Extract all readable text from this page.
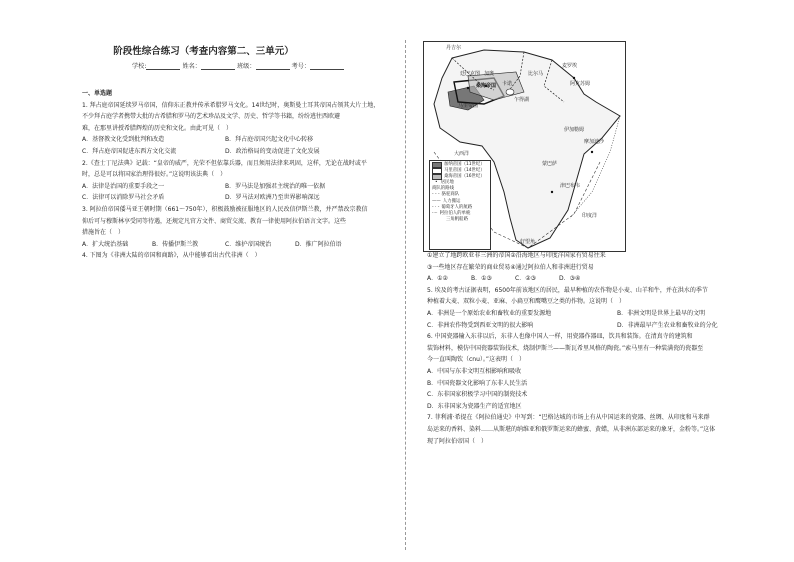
阶段性综合练习（考查内容第二、三单元）
学校:	姓名：	班级：	考号：

一、单选题

1. 拜占庭帝国延续罗马帝国，信仰东正教并传承希腊罗马文化。14世纪时，奥斯曼土耳其帝国占领其大片土地，

不少拜占庭学者携带大批的古希腊和罗马的艺术珍品及文学、历史、哲学等书籍，纷纷逃往西欧避

难，在那里讲授希腊辉煌的历史和文化。由此可见（　）

A．基督教文化受到批判和改造	B．拜占庭帝国兴起文化中心转移
C．拜占庭帝国促进东西方文化交流	D．政治格局的变动促进了文化发展

2.《查士丁尼法典》记载：“皇帝的威严，光荣不但依靠兵器，而且须用法律来巩固，这样，无论在战时或平

时，总是可以将国家治理得很好。”这说明该法典（　）

A．法律是治国的重要手段之一	B．罗马法是加强君主统治的唯一依据
C．法律可以消除罗马社会矛盾	D．罗马法对欧洲乃至世界影响深远

3. 阿拉伯帝国倭马亚王朝时期（661～750年），积极鼓励被征服地区的人民改信伊斯兰教，并严禁改宗教信

仰后可与穆斯林享受同等待遇，还规定凡官方文件、商贸交流、教育一律使用阿拉伯语言文字。这些

措施旨在（　）

A．扩大统治基础	B．传播伊斯兰教	C．维护帝国统治	D．推广阿拉伯语

4. 下图为《非洲大陆的帝国和商路》，从中能够看出古代非洲（　）

丹吉尔
廷巴克图 加奥
卡诺
桑海帝国
马里帝国
乍得湖
麦罗埃
阿克苏姆
比尔马
伊加勒姆
摩加迪沙
大西洋
蒙巴萨
津巴布韦
印度洋
好望角
加纳帝国（11世纪）
马里帝国（14世纪）
桑海帝国（16世纪）
• 居民地
商队的路线
- - - 骆驼商队
—— 人力搬运
- · - 葡萄牙人的航路
···· 阿拉伯人的单桅
三角帆船路

①建立了地跨欧亚非三洲的帝国②沿海地区与印度洋国家有贸易往来

③一些地区存在繁荣的商业贸易④通过阿拉伯人和非洲进行贸易

A．①②	B．①③	C．②③	D．③④

5. 埃及的考古证据表明，6500年前该地区的居民，最早种植的农作物是小麦、山羊和牛，并在洪水的季节

种植着大麦、双粒小麦、亚麻、小扁豆和鹰嘴豆之类的作物。这说明（　）

A．非洲是一个原始农业和畜牧业的重要发源地	B．非洲文明是世界上最早的文明
C．非洲农作物受到西亚文明的很大影响	D．非洲最早产生农业和畜牧业的分化

6. 中国瓷器输入东非以后，东非人也像中国人一样，用瓷器作器皿，饮具和装饰。在清真寺的建筑和

装饰材料，模仿中国瓷器装饰技术，烧制伊斯兰——斯瓦希里风格的陶瓷。”索马里有一种装满瓷的瓷器至

今一直叫陶钦（cnu）。”这表明（　）

A．中国与东非文明互相影响和吸收

B．中国瓷器文化影响了东非人民生活

C．东非国家积极学习中国的制瓷技术

D．东非国家为瓷器生产的适宜地区

7. 菲利浦·希提在《阿拉伯通史》中写到：“巴格达城的市场上有从中国运来的瓷器、丝绸、从印度和马来群

岛运来的香料、染料……从斯堪的纳维亚和俄罗斯运来的蜂蜜、黄蜡，从非洲东部运来的象牙，金粉等。”这体

现了阿拉伯帝国（　）
